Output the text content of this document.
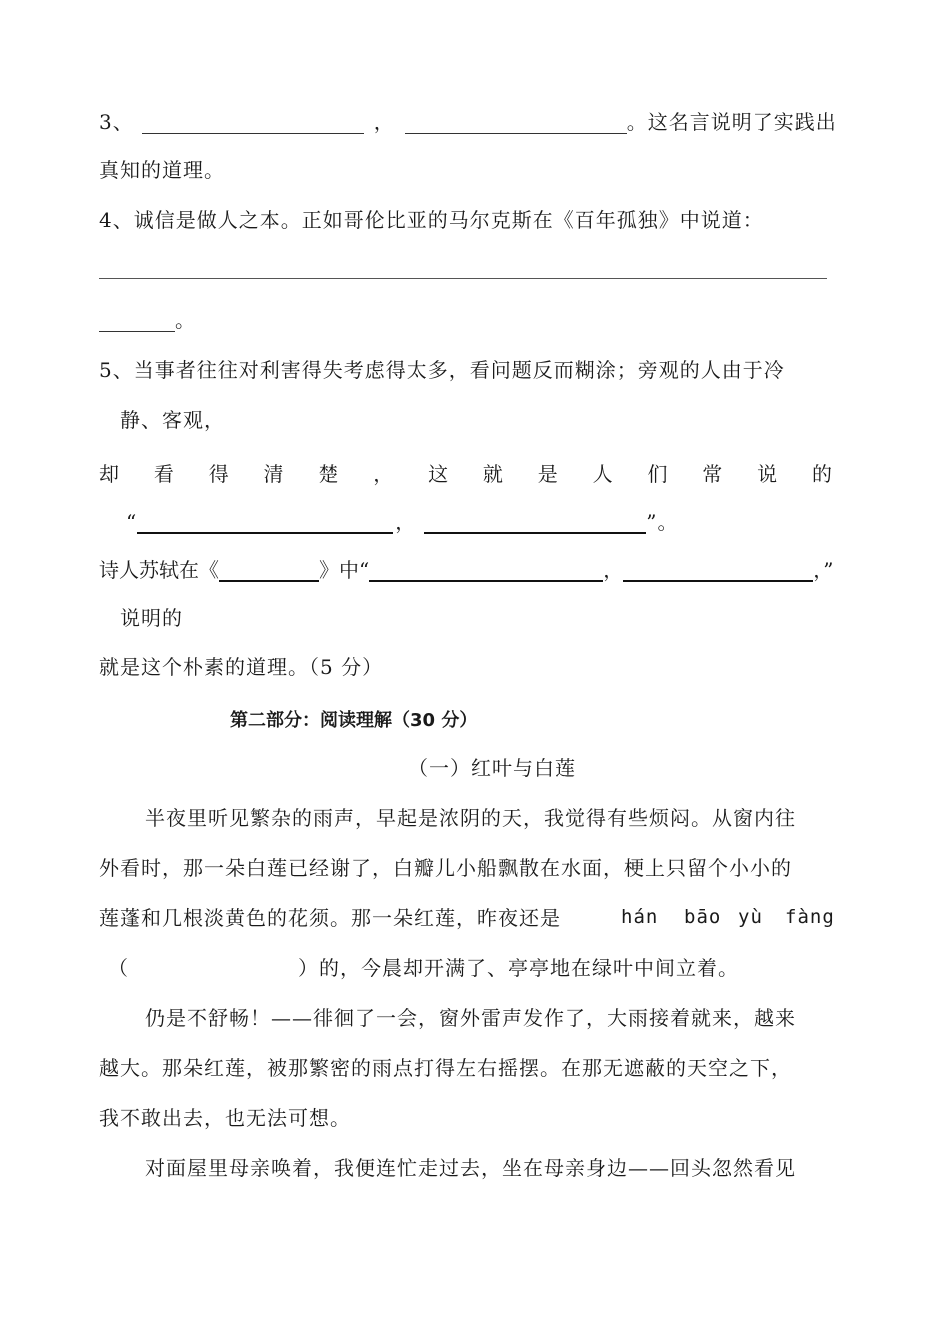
3、	，	。这名言说明了实践出
真知的道理。
4、诚信是做人之本。正如哥伦比亚的马尔克斯在《百年孤独》中说道：
。
5、当事者往往对利害得失考虑得太多，看问题反而糊涂；旁观的人由于冷
静、客观，
却 看 得 清 楚 ， 这 就 是 人 们 常 说 的
“	，	”。
诗人苏轼在《	》中“	，	，”
说明的
就是这个朴素的道理。（5 分）
第二部分：阅读理解（30 分）
（一）红叶与白莲
半夜里听见繁杂的雨声，早起是浓阴的天，我觉得有些烦闷。从窗内往
外看时，那一朵白莲已经谢了，白瓣儿小船飘散在水面，梗上只留个小小的
莲蓬和几根淡黄色的花须。那一朵红莲，昨夜还是	hán bāo yù fàng
（	）的，今晨却开满了、亭亭地在绿叶中间立着。
仍是不舒畅！——徘徊了一会，窗外雷声发作了，大雨接着就来，越来
越大。那朵红莲，被那繁密的雨点打得左右摇摆。在那无遮蔽的天空之下，
我不敢出去，也无法可想。
对面屋里母亲唤着，我便连忙走过去，坐在母亲身边——回头忽然看见
